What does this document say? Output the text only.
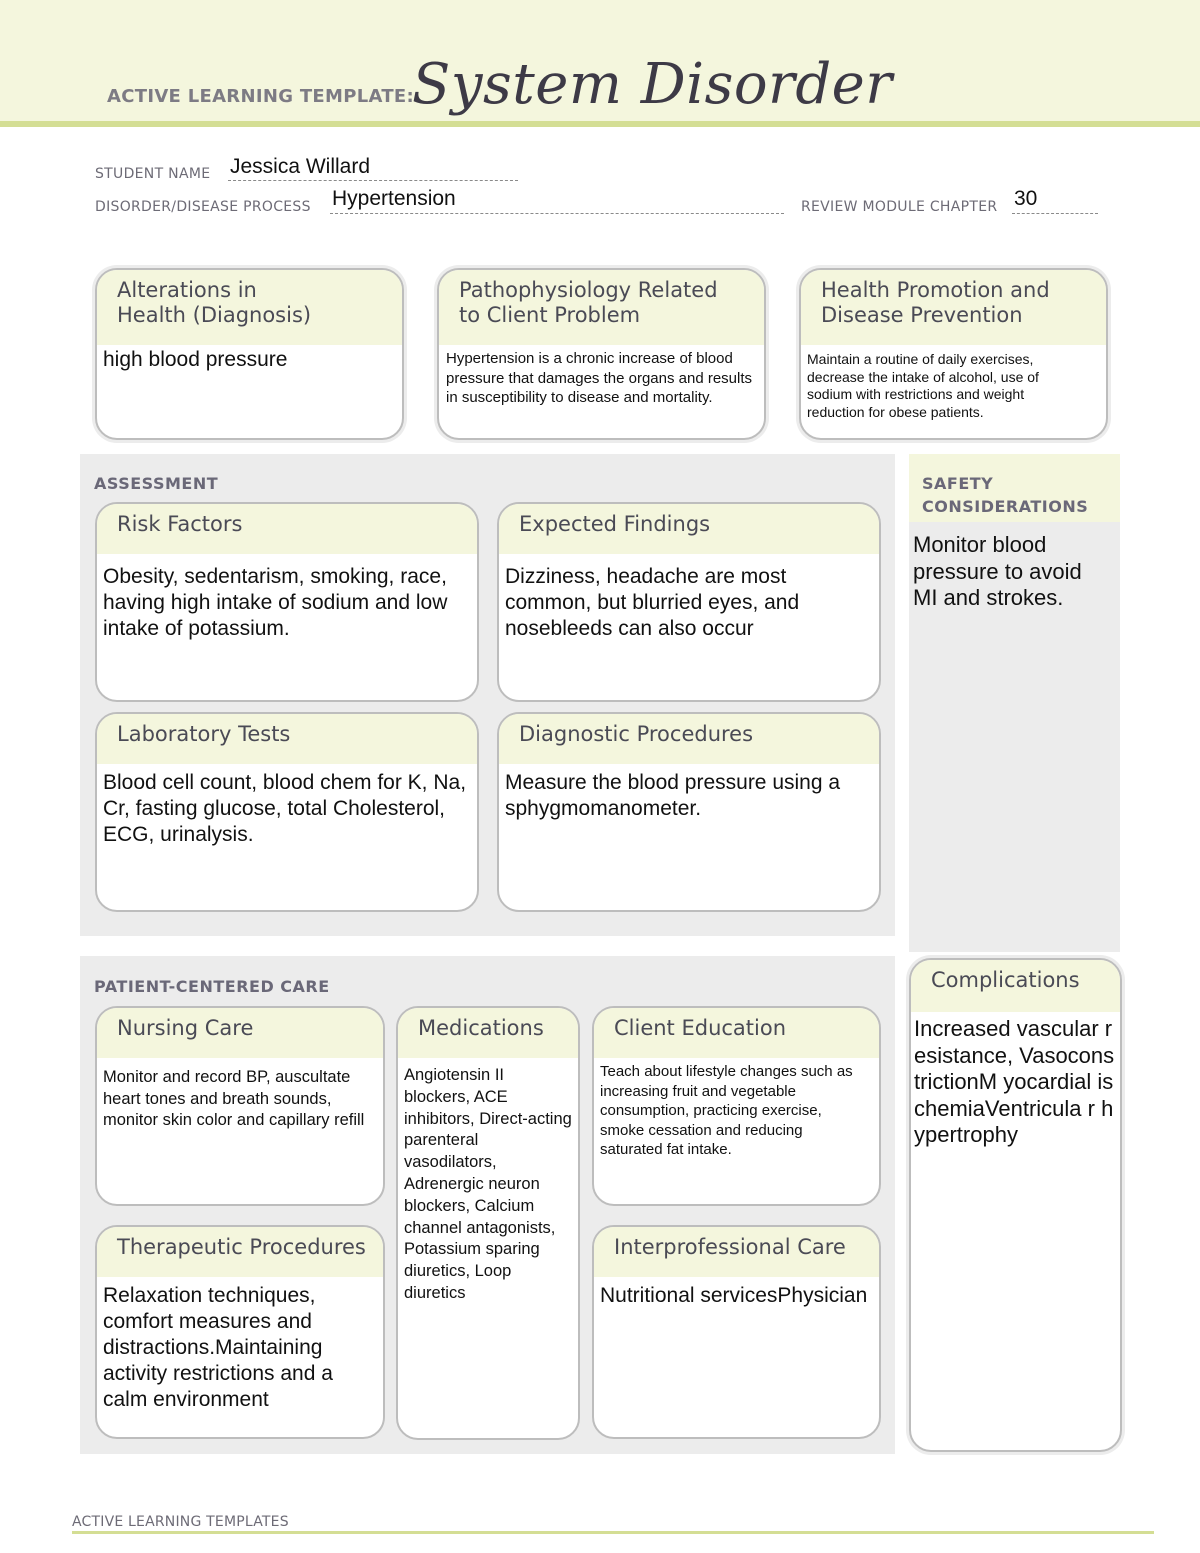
ACTIVE LEARNING TEMPLATE:
System Disorder
STUDENT NAME Jessica Willard
DISORDER/DISEASE PROCESS Hypertension	REVIEW MODULE CHAPTER 30
Alterations in
Health (Diagnosis)
high blood pressure
Pathophysiology Related
to Client Problem
Hypertension is a chronic increase of blood pressure that damages the organs and results in susceptibility to disease and mortality.
Health Promotion and
Disease Prevention
Maintain a routine of daily exercises, decrease the intake of alcohol, use of sodium with restrictions and weight reduction for obese patients.
ASSESSMENT
Risk Factors
Obesity, sedentarism, smoking, race, having high intake of sodium and low intake of potassium.
Expected Findings
Dizziness, headache are most common, but blurried eyes, and nosebleeds can also occur
Laboratory Tests
Blood cell count, blood chem for K, Na, Cr, fasting glucose, total Cholesterol, ECG, urinalysis.
Diagnostic Procedures
Measure the blood pressure using a sphygmomanometer.
SAFETY
CONSIDERATIONS
Monitor blood pressure to avoid MI and strokes.
PATIENT-CENTERED CARE
Nursing Care
Monitor and record BP, auscultate heart tones and breath sounds, monitor skin color and capillary refill
Medications
Angiotensin II blockers, ACE inhibitors, Direct-acting parenteral vasodilators, Adrenergic neuron blockers, Calcium channel antagonists, Potassium sparing diuretics, Loop diuretics
Client Education
Teach about lifestyle changes such as increasing fruit and vegetable consumption, practicing exercise, smoke cessation and reducing saturated fat intake.
Therapeutic Procedures
Relaxation techniques, comfort measures and distractions.Maintaining activity restrictions and a calm environment
Interprofessional Care
Nutritional servicesPhysician
Complications
Increased vascular resistance, VasoconstrictionM yocardial ischemiaVentricula r hypertrophy
ACTIVE LEARNING TEMPLATES
